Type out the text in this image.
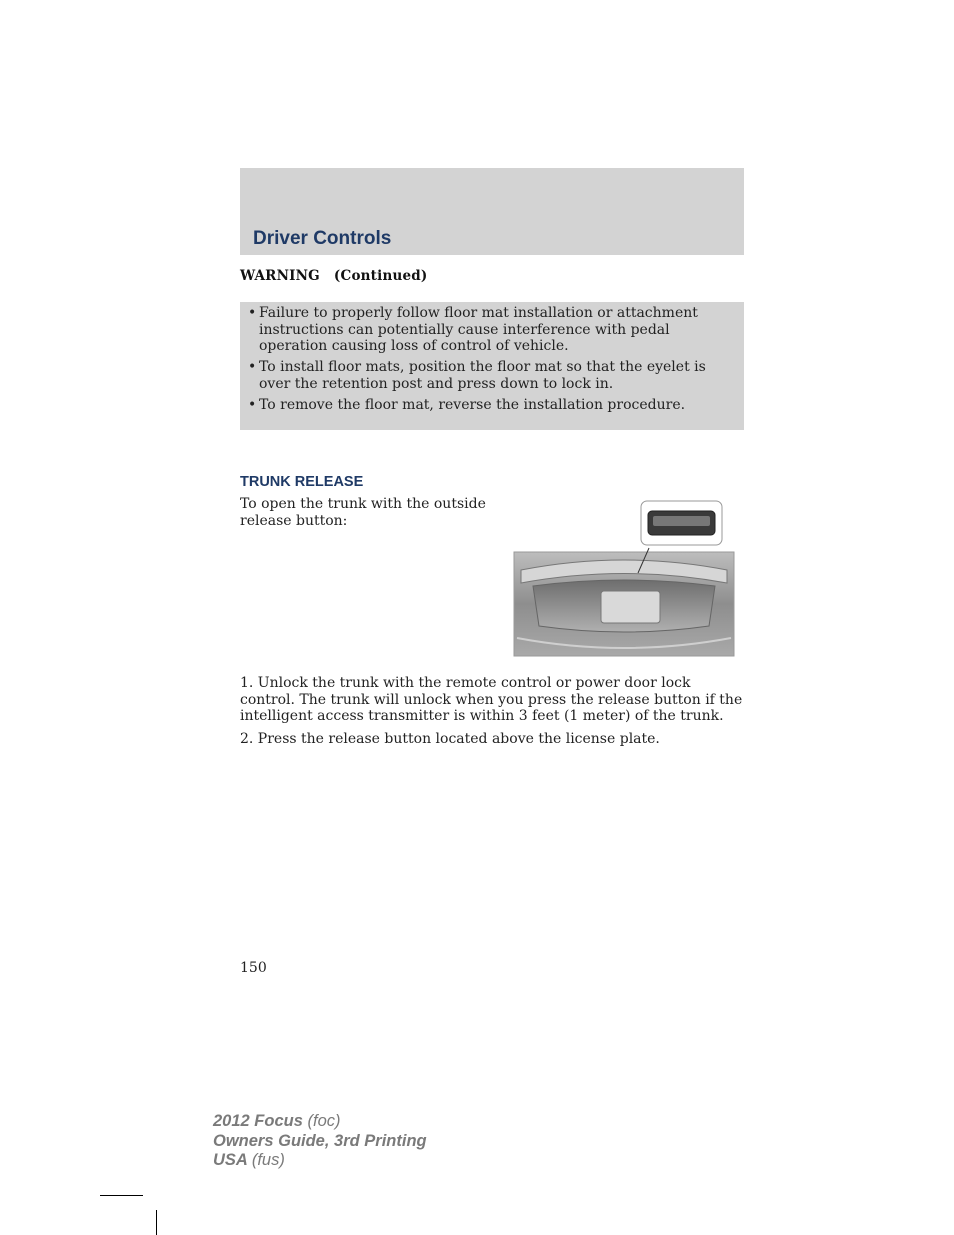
Driver Controls
WARNING (Continued)
• Failure to properly follow floor mat installation or attachment instructions can potentially cause interference with pedal operation causing loss of control of vehicle.
• To install floor mats, position the floor mat so that the eyelet is over the retention post and press down to lock in.
• To remove the floor mat, reverse the installation procedure.
TRUNK RELEASE
To open the trunk with the outside release button:
1. Unlock the trunk with the remote control or power door lock control. The trunk will unlock when you press the release button if the intelligent access transmitter is within 3 feet (1 meter) of the trunk.
2. Press the release button located above the license plate.
150
2012 Focus (foc)
Owners Guide, 3rd Printing
USA (fus)
